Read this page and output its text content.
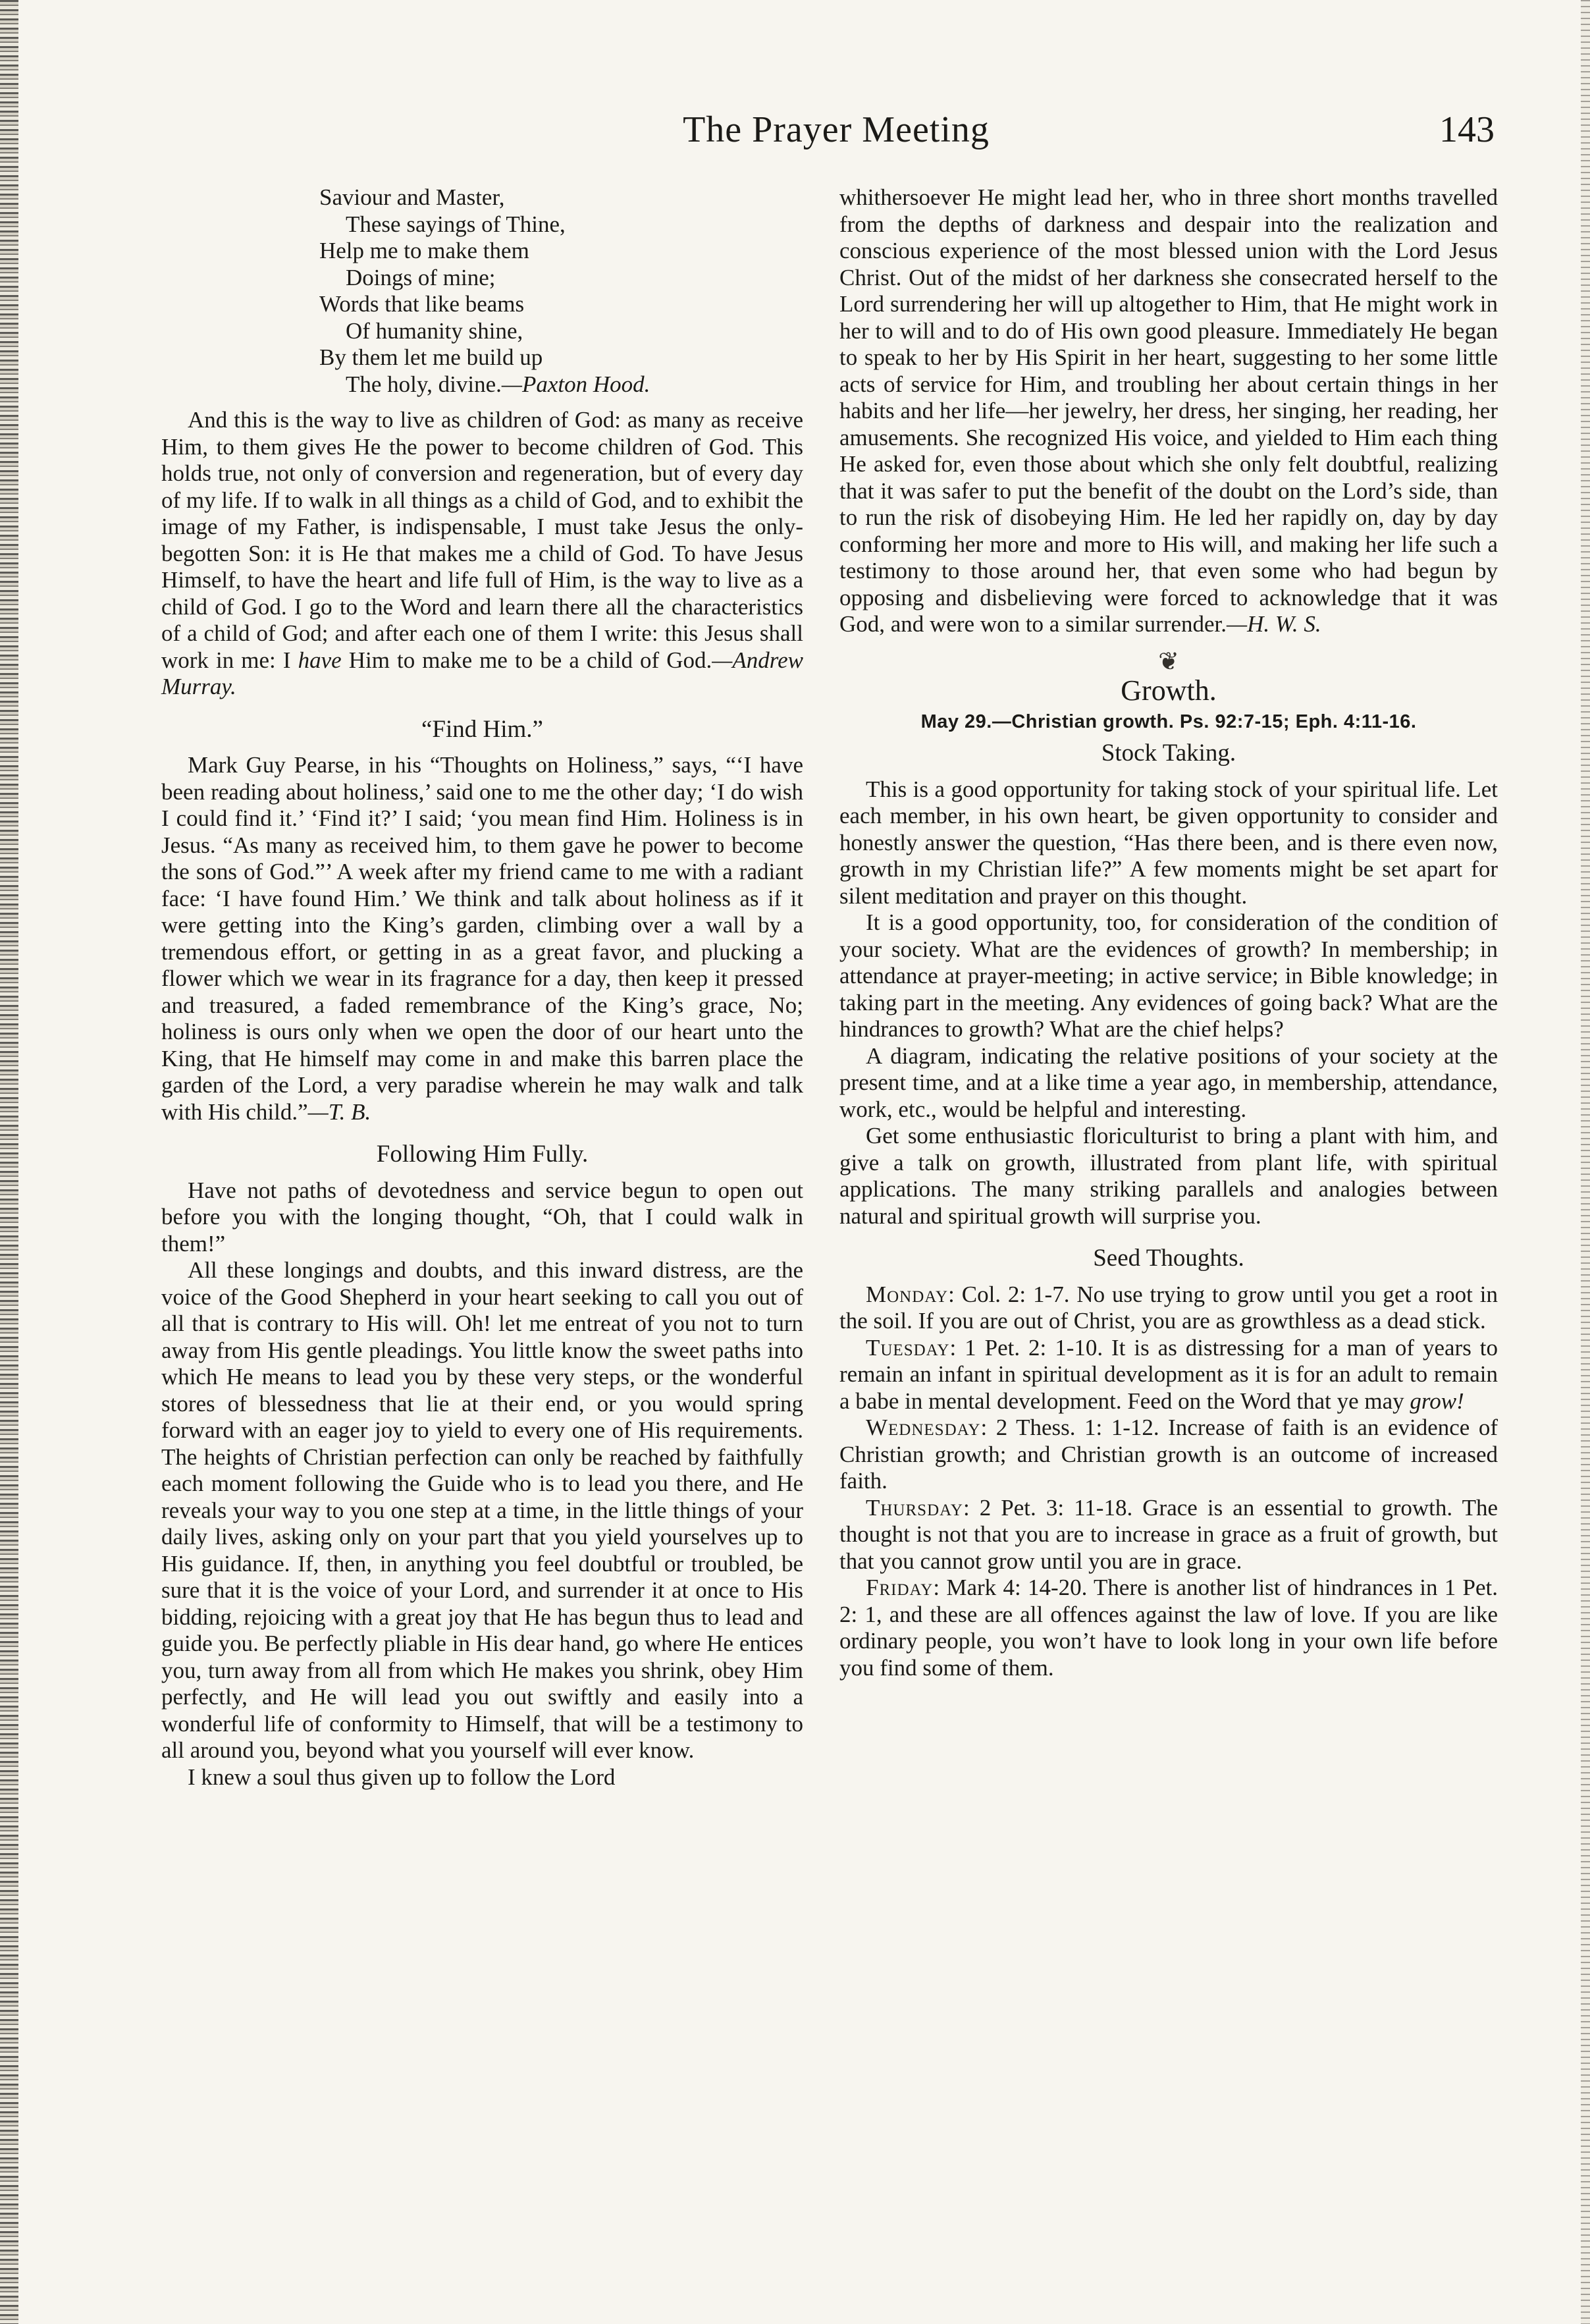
The Prayer Meeting	143
Saviour and Master,
These sayings of Thine,
Help me to make them
Doings of mine;
Words that like beams
Of humanity shine,
By them let me build up
The holy, divine.—Paxton Hood.

And this is the way to live as children of God: as many as receive Him, to them gives He the power to become children of God. This holds true, not only of conversion and regeneration, but of every day of my life. If to walk in all things as a child of God, and to exhibit the image of my Father, is indispensable, I must take Jesus the only-begotten Son: it is He that makes me a child of God. To have Jesus Himself, to have the heart and life full of Him, is the way to live as a child of God. I go to the Word and learn there all the characteristics of a child of God; and after each one of them I write: this Jesus shall work in me: I have Him to make me to be a child of God.—Andrew Murray.

“Find Him.”

Mark Guy Pearse, in his “Thoughts on Holiness,” says, “‘I have been reading about holiness,’ said one to me the other day; ‘I do wish I could find it.’ ‘Find it?’ I said; ‘you mean find Him. Holiness is in Jesus. “As many as received him, to them gave he power to become the sons of God.”’ A week after my friend came to me with a radiant face: ‘I have found Him.’ We think and talk about holiness as if it were getting into the King’s garden, climbing over a wall by a tremendous effort, or getting in as a great favor, and plucking a flower which we wear in its fragrance for a day, then keep it pressed and treasured, a faded remembrance of the King’s grace, No; holiness is ours only when we open the door of our heart unto the King, that He himself may come in and make this barren place the garden of the Lord, a very paradise wherein he may walk and talk with His child.”—T. B.

Following Him Fully.

Have not paths of devotedness and service begun to open out before you with the longing thought, “Oh, that I could walk in them!”

All these longings and doubts, and this inward distress, are the voice of the Good Shepherd in your heart seeking to call you out of all that is contrary to His will. Oh! let me entreat of you not to turn away from His gentle pleadings. You little know the sweet paths into which He means to lead you by these very steps, or the wonderful stores of blessedness that lie at their end, or you would spring forward with an eager joy to yield to every one of His requirements. The heights of Christian perfection can only be reached by faithfully each moment following the Guide who is to lead you there, and He reveals your way to you one step at a time, in the little things of your daily lives, asking only on your part that you yield yourselves up to His guidance. If, then, in anything you feel doubtful or troubled, be sure that it is the voice of your Lord, and surrender it at once to His bidding, rejoicing with a great joy that He has begun thus to lead and guide you. Be perfectly pliable in His dear hand, go where He entices you, turn away from all from which He makes you shrink, obey Him perfectly, and He will lead you out swiftly and easily into a wonderful life of conformity to Himself, that will be a testimony to all around you, beyond what you yourself will ever know.

I knew a soul thus given up to follow the Lord

whithersoever He might lead her, who in three short months travelled from the depths of darkness and despair into the realization and conscious experience of the most blessed union with the Lord Jesus Christ. Out of the midst of her darkness she consecrated herself to the Lord surrendering her will up altogether to Him, that He might work in her to will and to do of His own good pleasure. Immediately He began to speak to her by His Spirit in her heart, suggesting to her some little acts of service for Him, and troubling her about certain things in her habits and her life—her jewelry, her dress, her singing, her reading, her amusements. She recognized His voice, and yielded to Him each thing He asked for, even those about which she only felt doubtful, realizing that it was safer to put the benefit of the doubt on the Lord’s side, than to run the risk of disobeying Him. He led her rapidly on, day by day conforming her more and more to His will, and making her life such a testimony to those around her, that even some who had begun by opposing and disbelieving were forced to acknowledge that it was God, and were won to a similar surrender.—H. W. S.

❦
Growth.
May 29.—Christian growth. Ps. 92:7-15; Eph. 4:11-16.
Stock Taking.

This is a good opportunity for taking stock of your spiritual life. Let each member, in his own heart, be given opportunity to consider and honestly answer the question, “Has there been, and is there even now, growth in my Christian life?” A few moments might be set apart for silent meditation and prayer on this thought.

It is a good opportunity, too, for consideration of the condition of your society. What are the evidences of growth? In membership; in attendance at prayer-meeting; in active service; in Bible knowledge; in taking part in the meeting. Any evidences of going back? What are the hindrances to growth? What are the chief helps?

A diagram, indicating the relative positions of your society at the present time, and at a like time a year ago, in membership, attendance, work, etc., would be helpful and interesting.

Get some enthusiastic floriculturist to bring a plant with him, and give a talk on growth, illustrated from plant life, with spiritual applications. The many striking parallels and analogies between natural and spiritual growth will surprise you.

Seed Thoughts.

Monday: Col. 2: 1-7. No use trying to grow until you get a root in the soil. If you are out of Christ, you are as growthless as a dead stick.

Tuesday: 1 Pet. 2: 1-10. It is as distressing for a man of years to remain an infant in spiritual development as it is for an adult to remain a babe in mental development. Feed on the Word that ye may grow!

Wednesday: 2 Thess. 1: 1-12. Increase of faith is an evidence of Christian growth; and Christian growth is an outcome of increased faith.

Thursday: 2 Pet. 3: 11-18. Grace is an essential to growth. The thought is not that you are to increase in grace as a fruit of growth, but that you cannot grow until you are in grace.

Friday: Mark 4: 14-20. There is another list of hindrances in 1 Pet. 2: 1, and these are all offences against the law of love. If you are like ordinary people, you won’t have to look long in your own life before you find some of them.
